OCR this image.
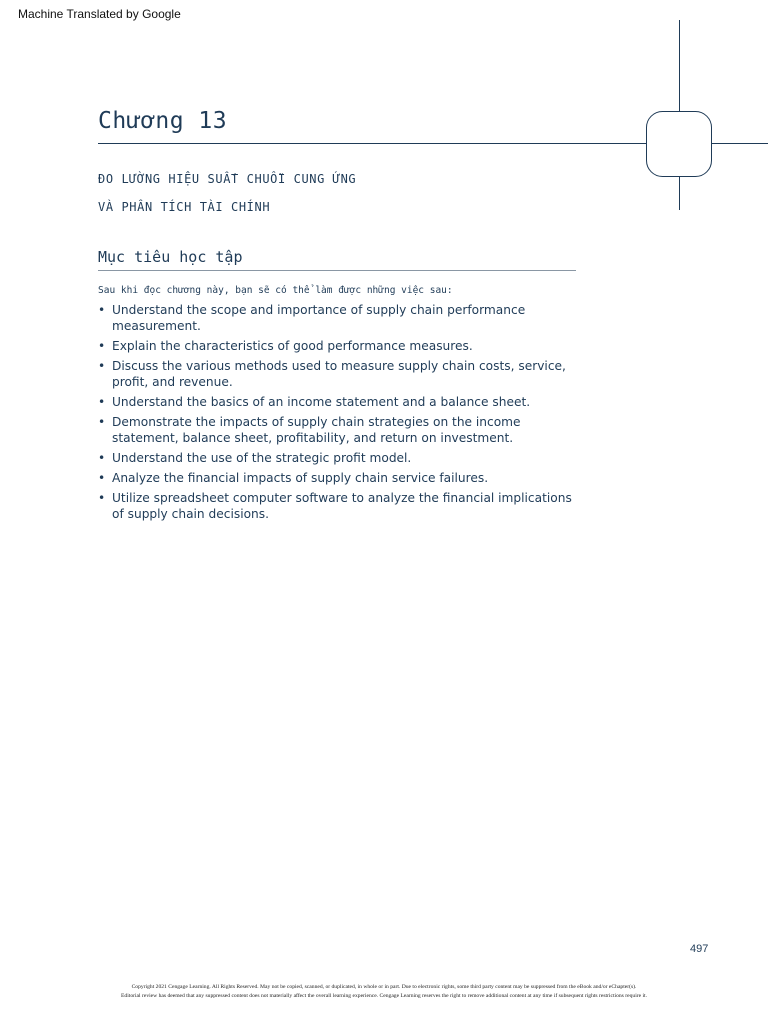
Machine Translated by Google
Chương 13
ĐO LƯỜNG HIỆU SUẤT CHUỖI CUNG ỨNG
VÀ PHÂN TÍCH TÀI CHÍNH
Mục tiêu học tập
Sau khi đọc chương này, bạn sẽ có thể làm được những việc sau:
• Understand the scope and importance of supply chain performance measurement.
• Explain the characteristics of good performance measures.
• Discuss the various methods used to measure supply chain costs, service, profit, and revenue.
• Understand the basics of an income statement and a balance sheet.
• Demonstrate the impacts of supply chain strategies on the income statement, balance sheet, profitability, and return on investment.
• Understand the use of the strategic profit model.
• Analyze the financial impacts of supply chain service failures.
• Utilize spreadsheet computer software to analyze the financial implications of supply chain decisions.
497
Copyright 2021 Cengage Learning. All Rights Reserved. May not be copied, scanned, or duplicated, in whole or in part. Due to electronic rights, some third party content may be suppressed from the eBook and/or eChapter(s).
Editorial review has deemed that any suppressed content does not materially affect the overall learning experience. Cengage Learning reserves the right to remove additional content at any time if subsequent rights restrictions require it.
